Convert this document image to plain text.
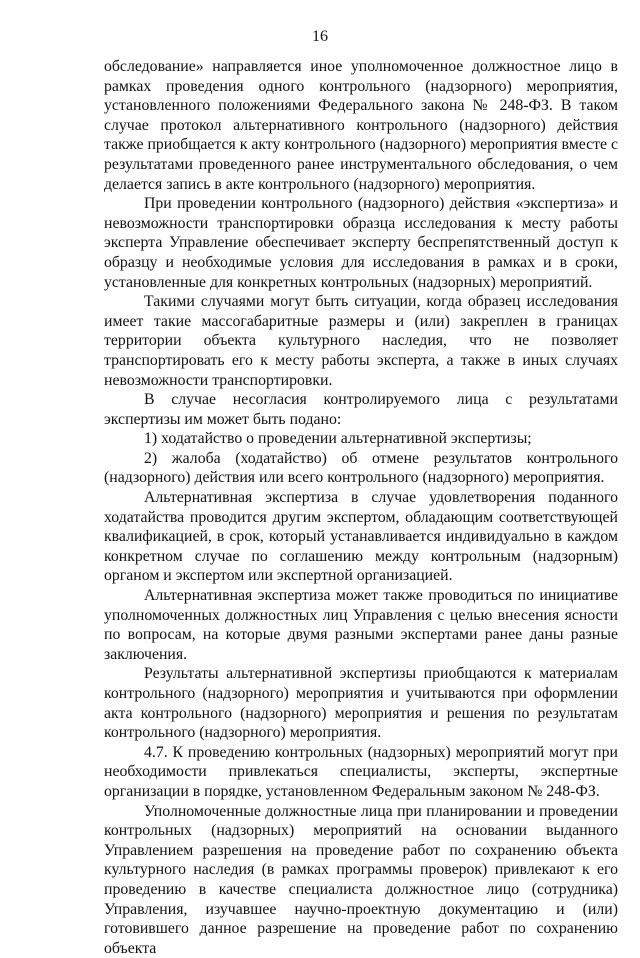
16

обследование» направляется иное уполномоченное должностное лицо в рамках проведения одного контрольного (надзорного) мероприятия, установленного положениями Федерального закона № 248-ФЗ. В таком случае протокол альтернативного контрольного (надзорного) действия также приобщается к акту контрольного (надзорного) мероприятия вместе с результатами проведенного ранее инструментального обследования, о чем делается запись в акте контрольного (надзорного) мероприятия.

При проведении контрольного (надзорного) действия «экспертиза» и невозможности транспортировки образца исследования к месту работы эксперта Управление обеспечивает эксперту беспрепятственный доступ к образцу и необходимые условия для исследования в рамках и в сроки, установленные для конкретных контрольных (надзорных) мероприятий.

Такими случаями могут быть ситуации, когда образец исследования имеет такие массогабаритные размеры и (или) закреплен в границах территории объекта культурного наследия, что не позволяет транспортировать его к месту работы эксперта, а также в иных случаях невозможности транспортировки.

В случае несогласия контролируемого лица с результатами экспертизы им может быть подано:

1) ходатайство о проведении альтернативной экспертизы;

2) жалоба (ходатайство) об отмене результатов контрольного (надзорного) действия или всего контрольного (надзорного) мероприятия.

Альтернативная экспертиза в случае удовлетворения поданного ходатайства проводится другим экспертом, обладающим соответствующей квалификацией, в срок, который устанавливается индивидуально в каждом конкретном случае по соглашению между контрольным (надзорным) органом и экспертом или экспертной организацией.

Альтернативная экспертиза может также проводиться по инициативе уполномоченных должностных лиц Управления с целью внесения ясности по вопросам, на которые двумя разными экспертами ранее даны разные заключения.

Результаты альтернативной экспертизы приобщаются к материалам контрольного (надзорного) мероприятия и учитываются при оформлении акта контрольного (надзорного) мероприятия и решения по результатам контрольного (надзорного) мероприятия.

4.7. К проведению контрольных (надзорных) мероприятий могут при необходимости привлекаться специалисты, эксперты, экспертные организации в порядке, установленном Федеральным законом № 248-ФЗ.

Уполномоченные должностные лица при планировании и проведении контрольных (надзорных) мероприятий на основании выданного Управлением разрешения на проведение работ по сохранению объекта культурного наследия (в рамках программы проверок) привлекают к его проведению в качестве специалиста должностное лицо (сотрудника) Управления, изучавшее научно-проектную документацию и (или) готовившего данное разрешение на проведение работ по сохранению объекта
